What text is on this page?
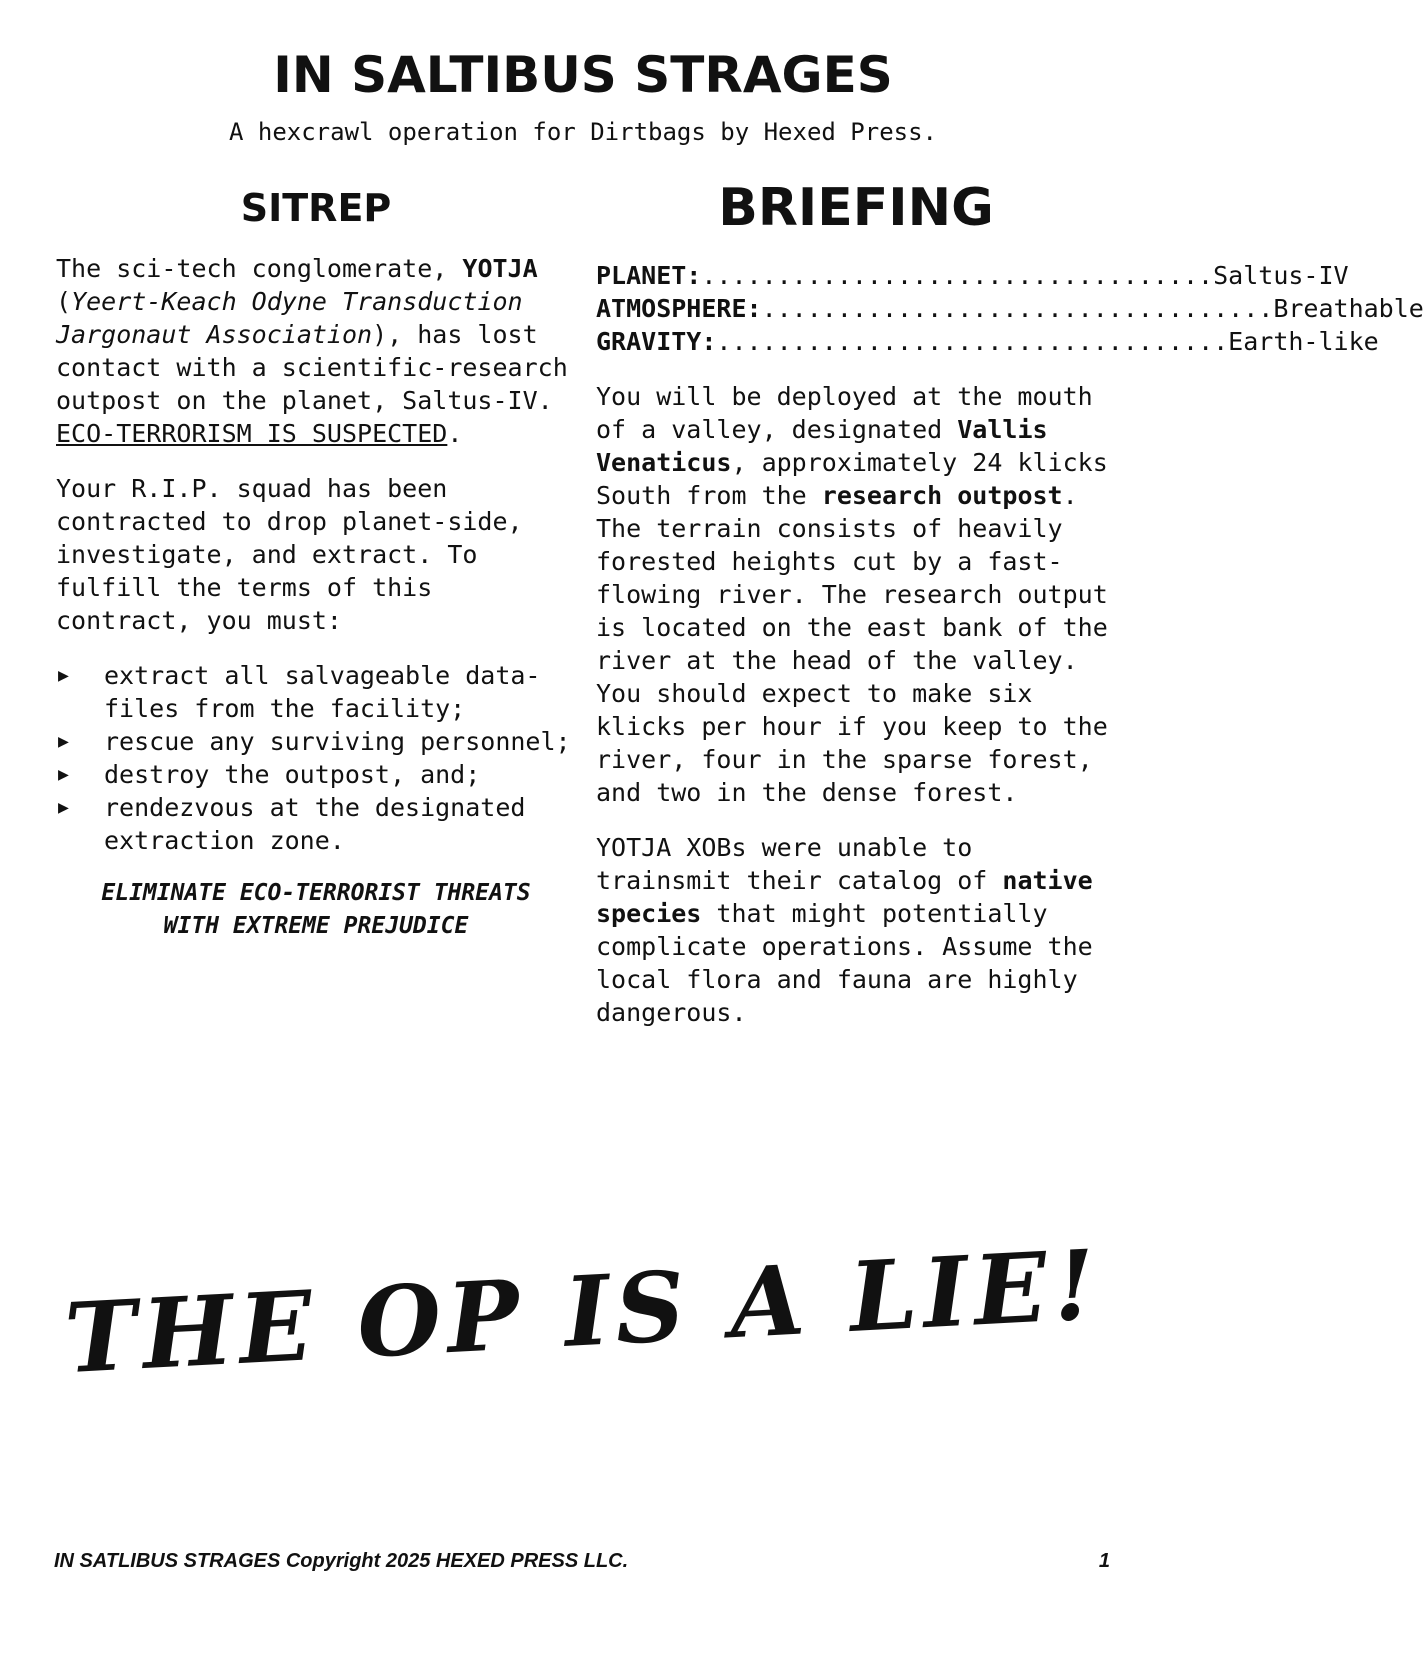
IN SALTIBUS STRAGES
A hexcrawl operation for Dirtbags by Hexed Press.
SITREP

The sci-tech conglomerate, YOTJA (Yeert-Keach Odyne Transduction Jargonaut Association), has lost contact with a scientific-research outpost on the planet, Saltus-IV. ECO-TERRORISM IS SUSPECTED.

Your R.I.P. squad has been contracted to drop planet-side, investigate, and extract. To fulfill the terms of this contract, you must:

▶ extract all salvageable data-files from the facility;
▶ rescue any surviving personnel;
▶ destroy the outpost, and;
▶ rendezvous at the designated extraction zone.
ELIMINATE ECO-TERRORIST THREATS
WITH EXTREME PREJUDICE
BRIEFING
PLANET: .................................. Saltus-IV
ATMOSPHERE: .................................. Breathable
GRAVITY: .................................. Earth-like

You will be deployed at the mouth of a valley, designated Vallis Venaticus, approximately 24 klicks South from the research outpost. The terrain consists of heavily forested heights cut by a fast-flowing river. The research output is located on the east bank of the river at the head of the valley. You should expect to make six klicks per hour if you keep to the river, four in the sparse forest, and two in the dense forest.

YOTJA XOBs were unable to trainsmit their catalog of native species that might potentially complicate operations. Assume the local flora and fauna are highly dangerous.

THE OP IS A LIE!
IN SATLIBUS STRAGES Copyright 2025 HEXED PRESS LLC.	1
